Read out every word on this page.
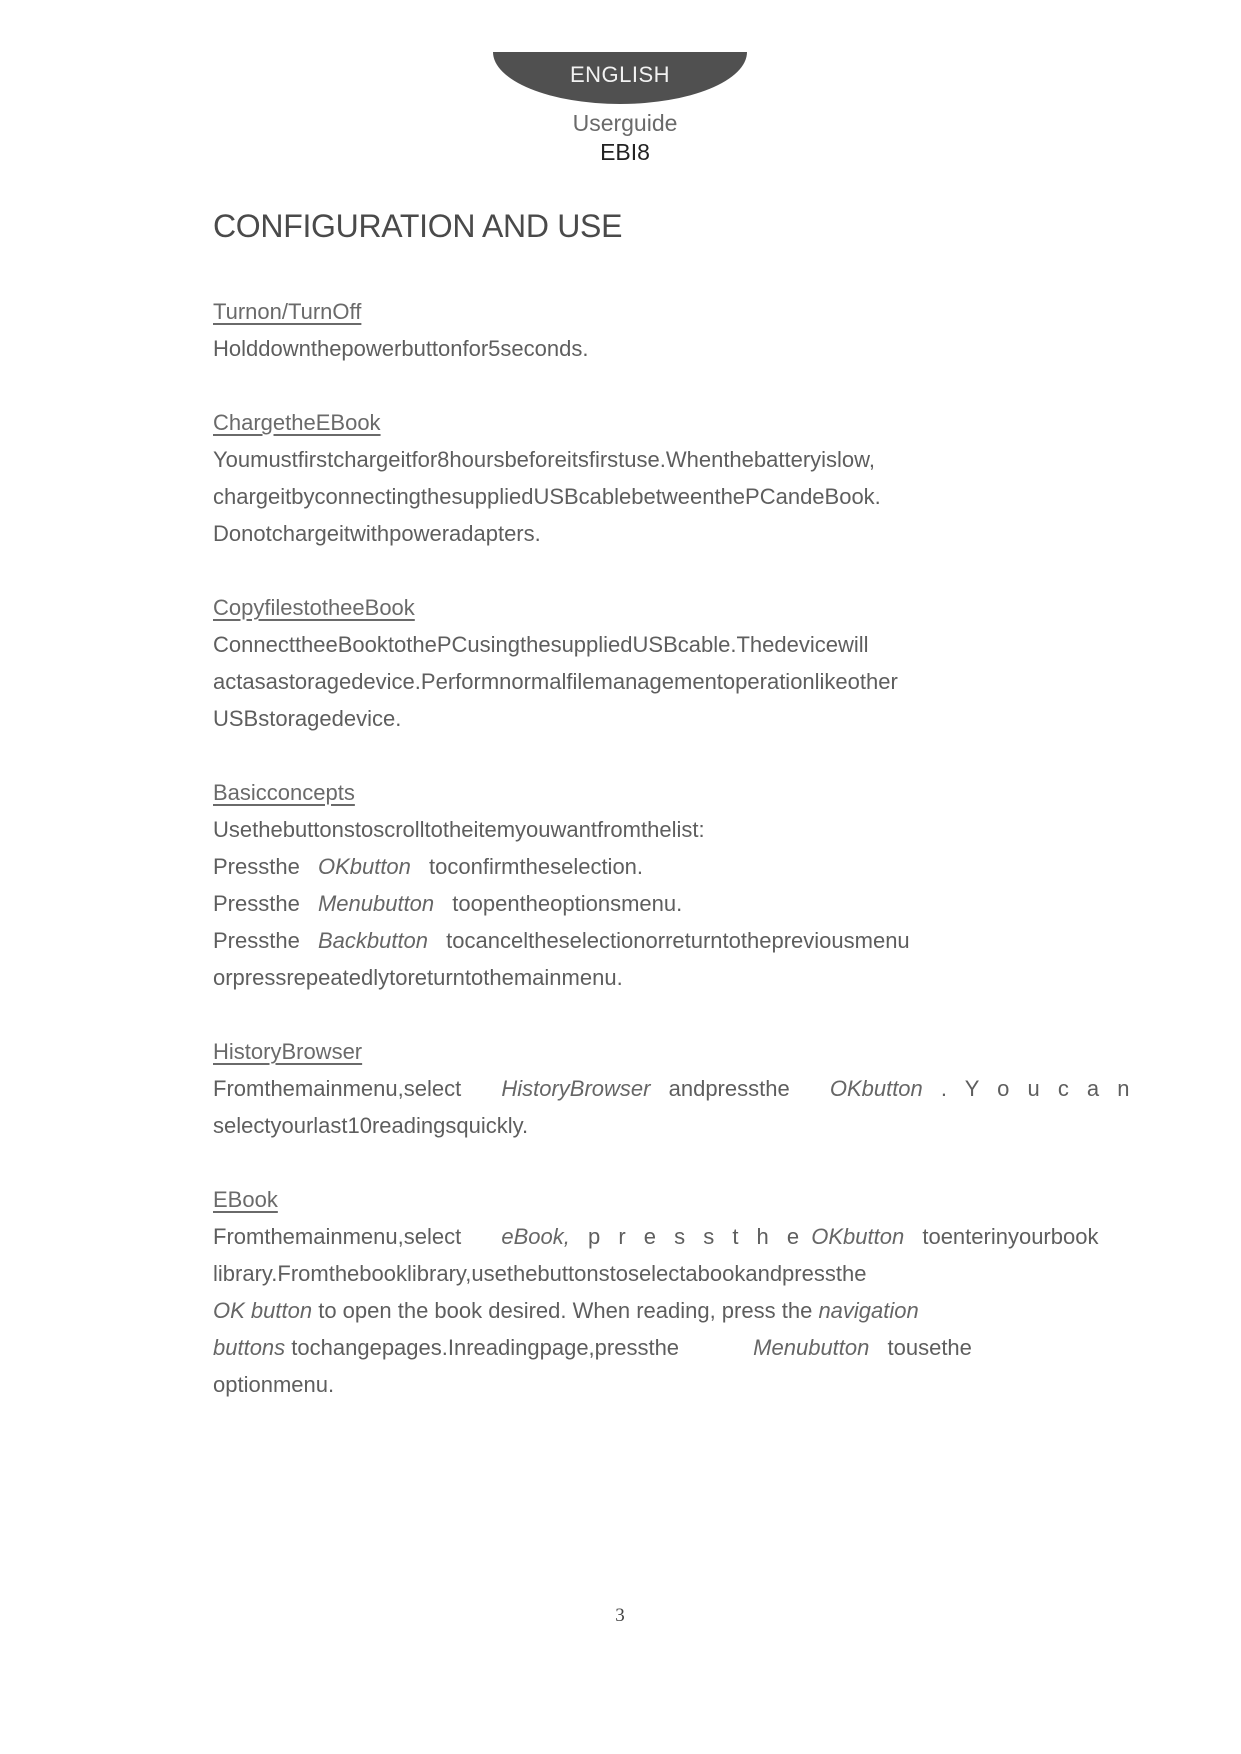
ENGLISH
Userguide
EBI8
CONFIGURATION AND USE
Turnon/TurnOff
Holddownthepowerbuttonfor5seconds.
ChargetheEBook
Youmustfirstchargeitfor8hoursbeforeitsfirstuse.Whenthebatteryislow,
chargeitbyconnectingthesuppliedUSBcablebetweenthePCandeBook.
Donotchargeitwithpoweradapters.
CopyfilestotheeBook
ConnecttheeBooktothePCusingthesuppliedUSBcable.Thedevicewill
actasastoragedevice.Performnormalfilemanagementoperationlikeother
USBstoragedevice.
Basicconcepts
Usethebuttonstoscrolltotheitemyouwantfromthelist:
Pressthe OKbutton toconfirmtheselection.
Pressthe Menubutton toopentheoptionsmenu.
Pressthe Backbutton tocanceltheselectionorreturntothepreviousmenu
orpressrepeatedlytoreturntothemainmenu.
HistoryBrowser
Fromthemainmenu,select HistoryBrowser andpressthe OKbutton . Y o u c a n
selectyourlast10readingsquickly.
EBook
Fromthemainmenu,select eBook, p r e s s t h e OKbutton toenterinyourbook
library.Fromthebooklibrary,usethebuttonstoselectabookandpressthe
OK button to open the book desired. When reading, press the navigation
buttons tochangepages.Inreadingpage,pressthe	Menubutton tousethe
optionmenu.
3
